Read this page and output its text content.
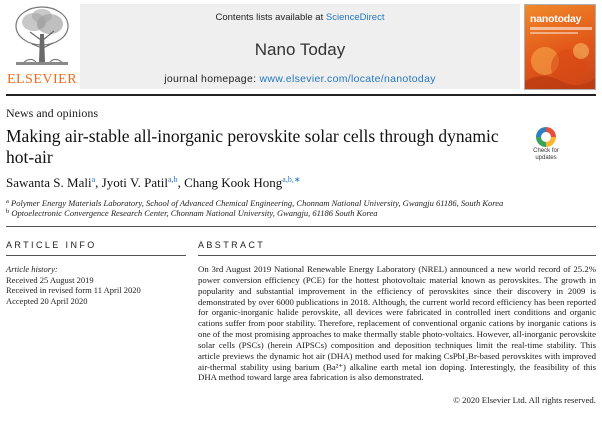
ELSEVIER
Contents lists available at ScienceDirect
Nano Today
journal homepage: www.elsevier.com/locate/nanotoday
nanotoday
News and opinions
Making air-stable all-inorganic perovskite solar cells through dynamic hot-air	Check for updates
Sawanta S. Mali$^a$, Jyoti V. Patil$^{a,b}$, Chang Kook Hong$^{a,b,∗}$
$^a$ Polymer Energy Materials Laboratory, School of Advanced Chemical Engineering, Chonnam National University, Gwangju 61186, South Korea
$^b$ Optoelectronic Convergence Research Center, Chonnam National University, Gwangju, 61186 South Korea
ARTICLE INFO	ABSTRACT
Article history:
Received 25 August 2019
Received in revised form 11 April 2020
Accepted 20 April 2020

On 3rd August 2019 National Renewable Energy Laboratory (NREL) announced a new world record of 25.2% power conversion efficiency (PCE) for the hottest photovoltaic material known as perovskites. The growth in popularity and substantial improvement in the efficiency of perovskites since their discovery in 2009 is demonstrated by over 6000 publications in 2018. Although, the current world record efficiency has been reported for organic-inorganic halide perovskite, all devices were fabricated in controlled inert conditions and organic cations suffer from poor stability. Therefore, replacement of conventional organic cations by inorganic cations is one of the most promising approaches to make thermally stable photo-voltaics. However, all-inorganic perovskite solar cells (PSCs) (herein AIPSCs) composition and deposition techniques limit the real-time stability. This article previews the dynamic hot air (DHA) method used for making CsPbI₂Br-based perovskites with improved air-thermal stability using barium (Ba²⁺) alkaline earth metal ion doping. Interestingly, the feasibility of this DHA method toward large area fabrication is also demonstrated.

© 2020 Elsevier Ltd. All rights reserved.
